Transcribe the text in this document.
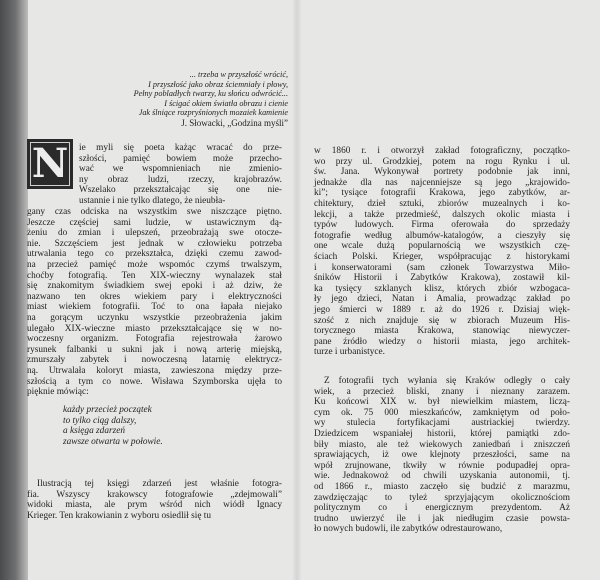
... trzeba w przyszłość wrócić,
I przyszłość jako obraz ściemniały i płowy,
Pełny pobladłych twarzy, ku słońcu odwrócić...
I ścigać okiem światła obrazu i cienie
Jak ślniące rozpryśnionych mozaiek kamienie
J. Słowacki, „Godzina myśli”
N ie myli się poeta każąc wracać do prze-
szłości, pamięć bowiem może przecho-
wać we wspomnieniach nie zmienio-
ny obraz ludzi, rzeczy, krajobrazów.
Wszelako przekształcając się one nie-
ustannie i nie tylko dlatego, że nieubła-
gany czas odciska na wszystkim swe niszczące piętno.
Jeszcze częściej sami ludzie, w ustawicznym dą-
żeniu do zmian i ulepszeń, przeobrażają swe otocze-
nie. Szczęściem jest jednak w człowieku potrzeba
utrwalania tego co przekształca, dzięki czemu zawod-
na przecież pamięć może wspomóc czymś trwalszym,
choćby fotografią. Ten XIX-wieczny wynalazek stał
się znakomitym świadkiem swej epoki i aż dziw, że
nazwano ten okres wiekiem pary i elektryczności
miast wiekiem fotografii. Toć to ona łapała niejako
na gorącym uczynku wszystkie przeobrażenia jakim
ulegało XIX-wieczne miasto przekształcające się w no-
woczesny organizm. Fotografia rejestrowała żarowo
rysunek falbanki u sukni jak i nową arterię miejską,
zmurszały zabytek i nowoczesną latarnię elektrycz-
ną. Utrwalała koloryt miasta, zawieszona między prze-
szłością a tym co nowe. Wisława Szymborska ujęła to
pięknie mówiąc:
każdy przecież początek
to tylko ciąg dalszy,
a księga zdarzeń
zawsze otwarta w połowie.
Ilustracją tej księgi zdarzeń jest właśnie fotogra-
fia. Wszyscy krakowscy fotografowie „zdejmowali”
widoki miasta, ale prym wśród nich wiódł Ignacy
Krieger. Ten krakowianin z wyboru osiedlił się tu
w 1860 r. i otworzył zakład fotograficzny, początko-
wo przy ul. Grodzkiej, potem na rogu Rynku i ul.
św. Jana. Wykonywał portrety podobnie jak inni,
jednakże dla nas najcenniejsze są jego „krajowido-
ki”; tysiące fotografii Krakowa, jego zabytków, ar-
chitektury, dzieł sztuki, zbiorów muzealnych i ko-
lekcji, a także przedmieść, dalszych okolic miasta i
typów ludowych. Firma oferowała do sprzedaży
fotografie według albumów-katalogów, a cieszyły się
one wcale dużą popularnością we wszystkich czę-
ściach Polski. Krieger, współpracując z historykami
i konserwatorami (sam członek Towarzystwa Miło-
śników Historii i Zabytków Krakowa), zostawił kil-
ka tysięcy szklanych klisz, których zbiór wzbogaca-
ły jego dzieci, Natan i Amalia, prowadząc zakład po
jego śmierci w 1889 r. aż do 1926 r. Dzisiaj więk-
szość z nich znajduje się w zbiorach Muzeum His-
torycznego miasta Krakowa, stanowiąc niewyczer-
pane źródło wiedzy o historii miasta, jego architek-
turze i urbanistyce.
Z fotografii tych wyłania się Kraków odległy o cały
wiek, a przecież bliski, znany i nieznany zarazem.
Ku końcowi XIX w. był niewielkim miastem, liczą-
cym ok. 75 000 mieszkańców, zamkniętym od poło-
wy stulecia fortyfikacjami austriackiej twierdzy.
Dziedzicem wspaniałej historii, której pamiątki zdo-
biły miasto, ale też wiekowych zaniedbań i zniszczeń
sprawiających, iż owe klejnoty przeszłości, same na
wpół zrujnowane, tkwiły w równie podupadłej opra-
wie. Jednakowoż od chwili uzyskania autonomii, tj.
od 1866 r., miasto zaczęło się budzić z marazmu,
zawdzięczając to tyleż sprzyjającym okolicznościom
politycznym co i energicznym prezydentom. Aż
trudno uwierzyć ile i jak niedługim czasie powsta-
ło nowych budowli, ile zabytków odrestaurowano,
